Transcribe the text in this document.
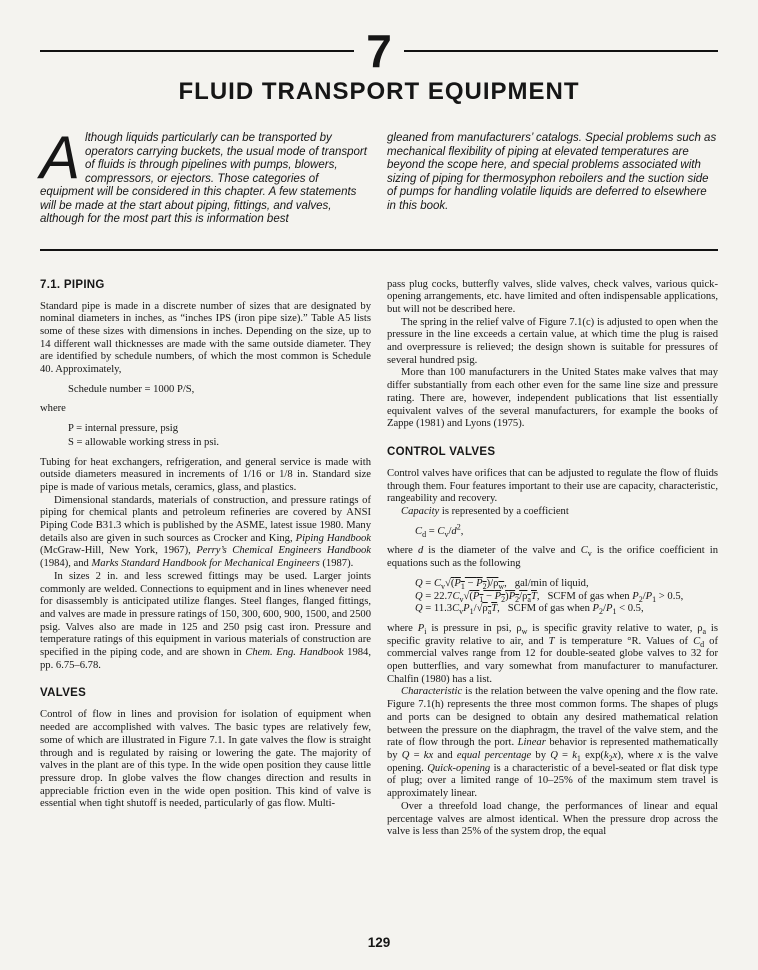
7
FLUID TRANSPORT EQUIPMENT
Although liquids particularly can be transported by operators carrying buckets, the usual mode of transport of fluids is through pipelines with pumps, blowers, compressors, or ejectors. Those categories of equipment will be considered in this chapter. A few statements will be made at the start about piping, fittings, and valves, although for the most part this is information best
gleaned from manufacturers’ catalogs. Special problems such as mechanical flexibility of piping at elevated temperatures are beyond the scope here, and special problems associated with sizing of piping for thermosyphon reboilers and the suction side of pumps for handling volatile liquids are deferred to elsewhere in this book.
7.1. PIPING

Standard pipe is made in a discrete number of sizes that are designated by nominal diameters in inches, as “inches IPS (iron pipe size).” Table A5 lists some of these sizes with dimensions in inches. Depending on the size, up to 14 different wall thicknesses are made with the same outside diameter. They are identified by schedule numbers, of which the most common is Schedule 40. Approximately,

Schedule number = 1000 P/S,
where
P = internal pressure, psig
S = allowable working stress in psi.

Tubing for heat exchangers, refrigeration, and general service is made with outside diameters measured in increments of 1/16 or 1/8 in. Standard size pipe is made of various metals, ceramics, glass, and plastics.

Dimensional standards, materials of construction, and pressure ratings of piping for chemical plants and petroleum refineries are covered by ANSI Piping Code B31.3 which is published by the ASME, latest issue 1980. Many details also are given in such sources as Crocker and King, Piping Handbook (McGraw-Hill, New York, 1967), Perry’s Chemical Engineers Handbook (1984), and Marks Standard Handbook for Mechanical Engineers (1987).

In sizes 2 in. and less screwed fittings may be used. Larger joints commonly are welded. Connections to equipment and in lines whenever need for disassembly is anticipated utilize flanges. Steel flanges, flanged fittings, and valves are made in pressure ratings of 150, 300, 600, 900, 1500, and 2500 psig. Valves also are made in 125 and 250 psig cast iron. Pressure and temperature ratings of this equipment in various materials of construction are specified in the piping code, and are shown in Chem. Eng. Handbook 1984, pp. 6.75–6.78.

VALVES

Control of flow in lines and provision for isolation of equipment when needed are accomplished with valves. The basic types are relatively few, some of which are illustrated in Figure 7.1. In gate valves the flow is straight through and is regulated by raising or lowering the gate. The majority of valves in the plant are of this type. In the wide open position they cause little pressure drop. In globe valves the flow changes direction and results in appreciable friction even in the wide open position. This kind of valve is essential when tight shutoff is needed, particularly of gas flow. Multi-

pass plug cocks, butterfly valves, slide valves, check valves, various quick-opening arrangements, etc. have limited and often indispensable applications, but will not be described here.

The spring in the relief valve of Figure 7.1(c) is adjusted to open when the pressure in the line exceeds a certain value, at which time the plug is raised and overpressure is relieved; the design shown is suitable for pressures of several hundred psig.

More than 100 manufacturers in the United States make valves that may differ substantially from each other even for the same line size and pressure rating. There are, however, independent publications that list essentially equivalent valves of the several manufacturers, for example the books of Zappe (1981) and Lyons (1975).

CONTROL VALVES

Control valves have orifices that can be adjusted to regulate the flow of fluids through them. Four features important to their use are capacity, characteristic, rangeability and recovery.

Capacity is represented by a coefficient

$C_d = C_v/d^2$,

where d is the diameter of the valve and $C_v$ is the orifice coefficient in equations such as the following

$Q = C_v√(P_1 - P_2)/\rho_w$,   gal/min of liquid,
$Q = 22.7C_v√(P_1 - P_2)P_2/\rho_aT$,   SCFM of gas when $P_2/P_1 > 0.5$,
$Q = 11.3C_vP_1/√\rho_aT$,   SCFM of gas when $P_2/P_1 < 0.5$,

where $P_i$ is pressure in psi, $\rho_w$ is specific gravity relative to water, $\rho_a$ is specific gravity relative to air, and T is temperature °R. Values of $C_d$ of commercial valves range from 12 for double-seated globe valves to 32 for open butterflies, and vary somewhat from manufacturer to manufacturer. Chalfin (1980) has a list.

Characteristic is the relation between the valve opening and the flow rate. Figure 7.1(h) represents the three most common forms. The shapes of plugs and ports can be designed to obtain any desired mathematical relation between the pressure on the diaphragm, the travel of the valve stem, and the rate of flow through the port. Linear behavior is represented mathematically by Q = kx and equal percentage by $Q = k_1$ $\exp(k_2x)$, where x is the valve opening. Quick-opening is a characteristic of a bevel-seated or flat disk type of plug; over a limited range of 10–25% of the maximum stem travel is approximately linear.

Over a threefold load change, the performances of linear and equal percentage valves are almost identical. When the pressure drop across the valve is less than 25% of the system drop, the equal

129
